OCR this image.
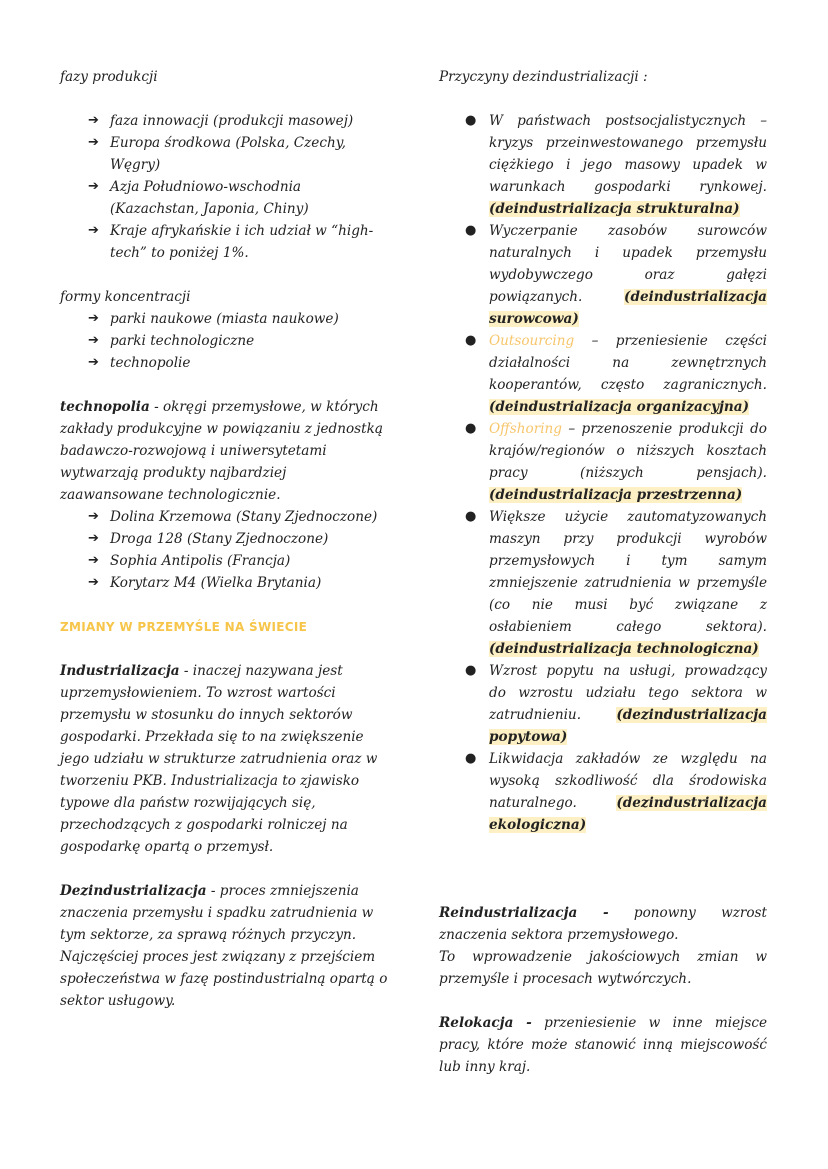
fazy produkcji

➔ faza innowacji (produkcji masowej)
➔ Europa środkowa (Polska, Czechy, Węgry)
➔ Azja Południowo-wschodnia (Kazachstan, Japonia, Chiny)
➔ Kraje afrykańskie i ich udział w “high-tech” to poniżej 1%.

formy koncentracji

➔ parki naukowe (miasta naukowe)
➔ parki technologiczne
➔ technopolie

technopolia - okręgi przemysłowe, w których zakłady produkcyjne w powiązaniu z jednostką badawczo-rozwojową i uniwersytetami wytwarzają produkty najbardziej zaawansowane technologicznie.

➔ Dolina Krzemowa (Stany Zjednoczone)
➔ Droga 128 (Stany Zjednoczone)
➔ Sophia Antipolis (Francja)
➔ Korytarz M4 (Wielka Brytania)

ZMIANY W PRZEMYŚLE NA ŚWIECIE

Industrializacja - inaczej nazywana jest uprzemysłowieniem. To wzrost wartości przemysłu w stosunku do innych sektorów gospodarki. Przekłada się to na zwiększenie jego udziału w strukturze zatrudnienia oraz w tworzeniu PKB. Industrializacja to zjawisko typowe dla państw rozwijających się, przechodzących z gospodarki rolniczej na gospodarkę opartą o przemysł.

Dezindustrializacja - proces zmniejszenia znaczenia przemysłu i spadku zatrudnienia w tym sektorze, za sprawą różnych przyczyn. Najczęściej proces jest związany z przejściem społeczeństwa w fazę postindustrialną opartą o sektor usługowy.

Przyczyny dezindustrializacji :

● W państwach postsocjalistycznych – kryzys przeinwestowanego przemysłu ciężkiego i jego masowy upadek w warunkach gospodarki rynkowej. (deindustrializacja strukturalna)
● Wyczerpanie zasobów surowców naturalnych i upadek przemysłu wydobywczego oraz gałęzi powiązanych. (deindustrializacja surowcowa)
● Outsourcing – przeniesienie części działalności na zewnętrznych kooperantów, często zagranicznych. (deindustrializacja organizacyjna)
● Offshoring – przenoszenie produkcji do krajów/regionów o niższych kosztach pracy (niższych pensjach). (deindustrializacja przestrzenna)
● Większe użycie zautomatyzowanych maszyn przy produkcji wyrobów przemysłowych i tym samym zmniejszenie zatrudnienia w przemyśle (co nie musi być związane z osłabieniem całego sektora). (deindustrializacja technologiczna)
● Wzrost popytu na usługi, prowadzący do wzrostu udziału tego sektora w zatrudnieniu. (dezindustrializacja popytowa)
● Likwidacja zakładów ze względu na wysoką szkodliwość dla środowiska naturalnego. (dezindustrializacja ekologiczna)

Reindustrializacja - ponowny wzrost znaczenia sektora przemysłowego.

To wprowadzenie jakościowych zmian w przemyśle i procesach wytwórczych.

Relokacja - przeniesienie w inne miejsce pracy, które może stanowić inną miejscowość lub inny kraj.
